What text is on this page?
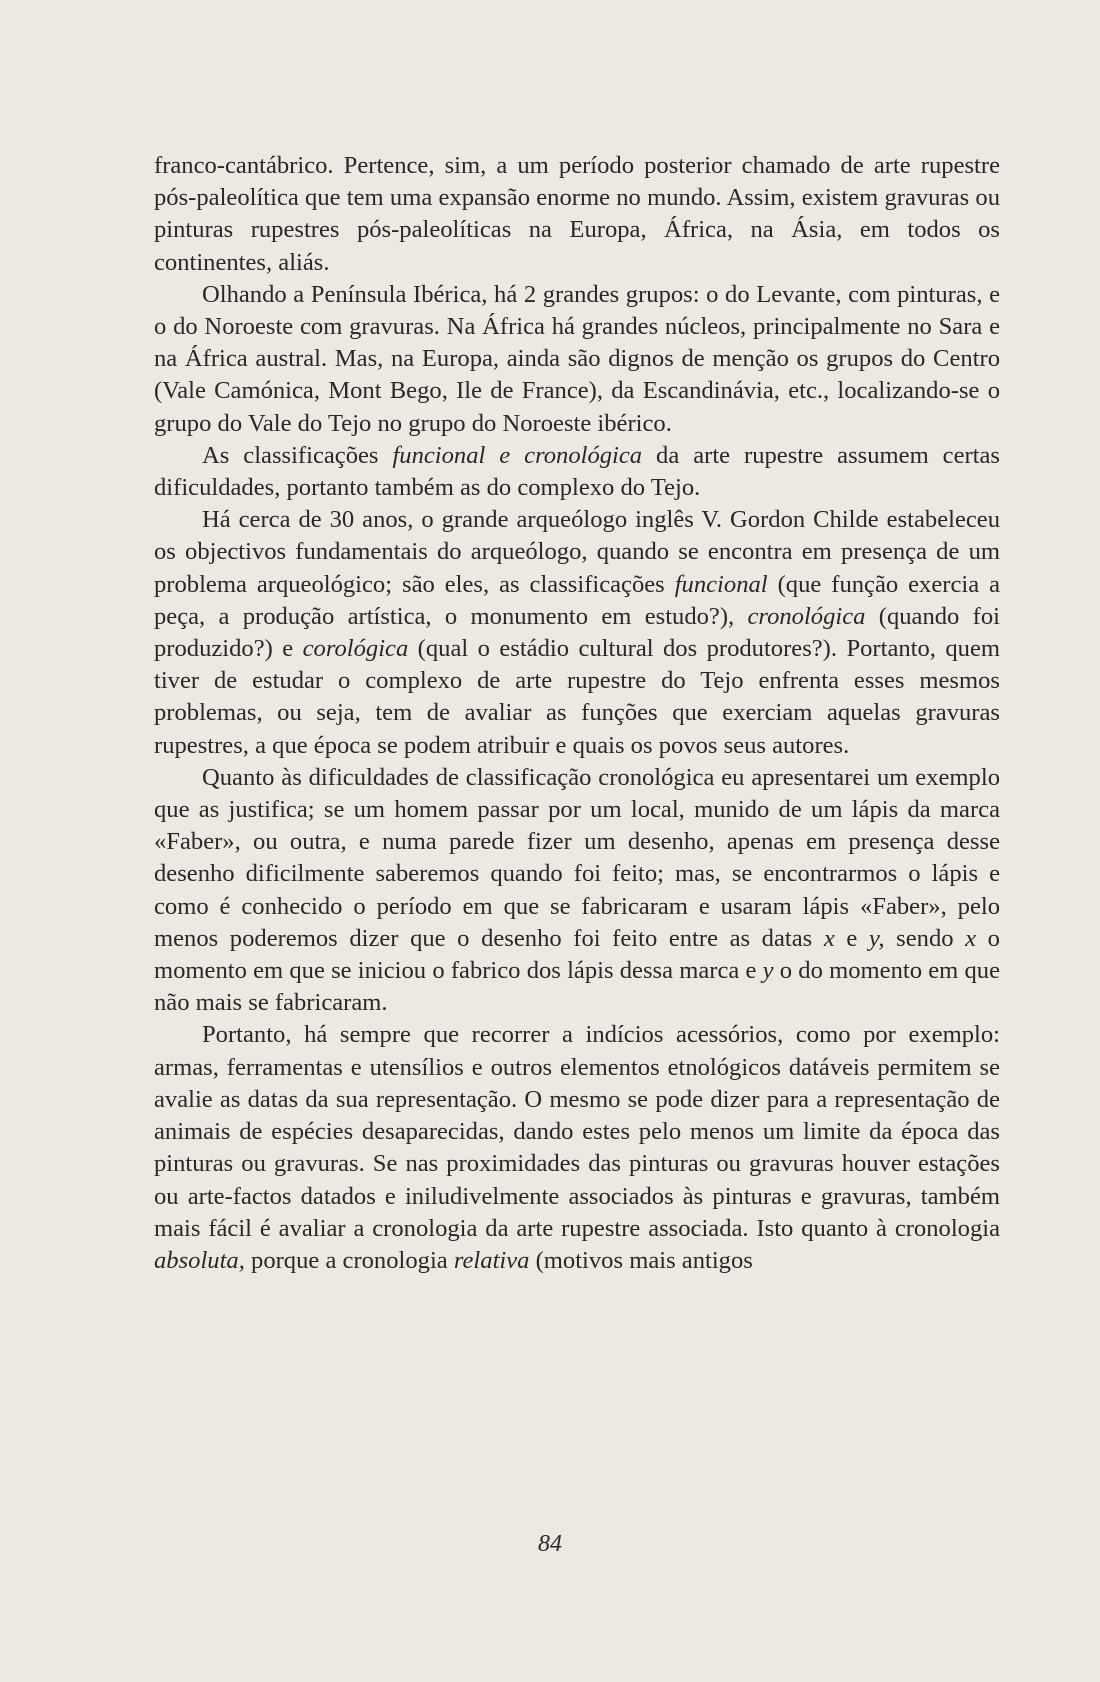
franco-cantábrico. Pertence, sim, a um período posterior chamado de arte rupestre pós-paleolítica que tem uma expansão enorme no mundo. Assim, existem gravuras ou pinturas rupestres pós-paleolíticas na Europa, África, na Ásia, em todos os continentes, aliás.

Olhando a Península Ibérica, há 2 grandes grupos: o do Levante, com pinturas, e o do Noroeste com gravuras. Na África há grandes núcleos, principalmente no Sara e na África austral. Mas, na Europa, ainda são dignos de menção os grupos do Centro (Vale Camónica, Mont Bego, Ile de France), da Escandinávia, etc., localizando-se o grupo do Vale do Tejo no grupo do Noroeste ibérico.

As classificações funcional e cronológica da arte rupestre assumem certas dificuldades, portanto também as do complexo do Tejo.

Há cerca de 30 anos, o grande arqueólogo inglês V. Gordon Childe estabeleceu os objectivos fundamentais do arqueólogo, quando se encontra em presença de um problema arqueológico; são eles, as classificações funcional (que função exercia a peça, a produção artística, o monumento em estudo?), cronológica (quando foi produzido?) e corológica (qual o estádio cultural dos produtores?). Portanto, quem tiver de estudar o complexo de arte rupestre do Tejo enfrenta esses mesmos problemas, ou seja, tem de avaliar as funções que exerciam aquelas gravuras rupestres, a que época se podem atribuir e quais os povos seus autores.

Quanto às dificuldades de classificação cronológica eu apresentarei um exemplo que as justifica; se um homem passar por um local, munido de um lápis da marca «Faber», ou outra, e numa parede fizer um desenho, apenas em presença desse desenho dificilmente saberemos quando foi feito; mas, se encontrarmos o lápis e como é conhecido o período em que se fabricaram e usaram lápis «Faber», pelo menos poderemos dizer que o desenho foi feito entre as datas x e y, sendo x o momento em que se iniciou o fabrico dos lápis dessa marca e y o do momento em que não mais se fabricaram.

Portanto, há sempre que recorrer a indícios acessórios, como por exemplo: armas, ferramentas e utensílios e outros elementos etnológicos datáveis permitem se avalie as datas da sua representação. O mesmo se pode dizer para a representação de animais de espécies desaparecidas, dando estes pelo menos um limite da época das pinturas ou gravuras. Se nas proximidades das pinturas ou gravuras houver estações ou arte-factos datados e iniludivelmente associados às pinturas e gravuras, também mais fácil é avaliar a cronologia da arte rupestre associada. Isto quanto à cronologia absoluta, porque a cronologia relativa (motivos mais antigos

84
